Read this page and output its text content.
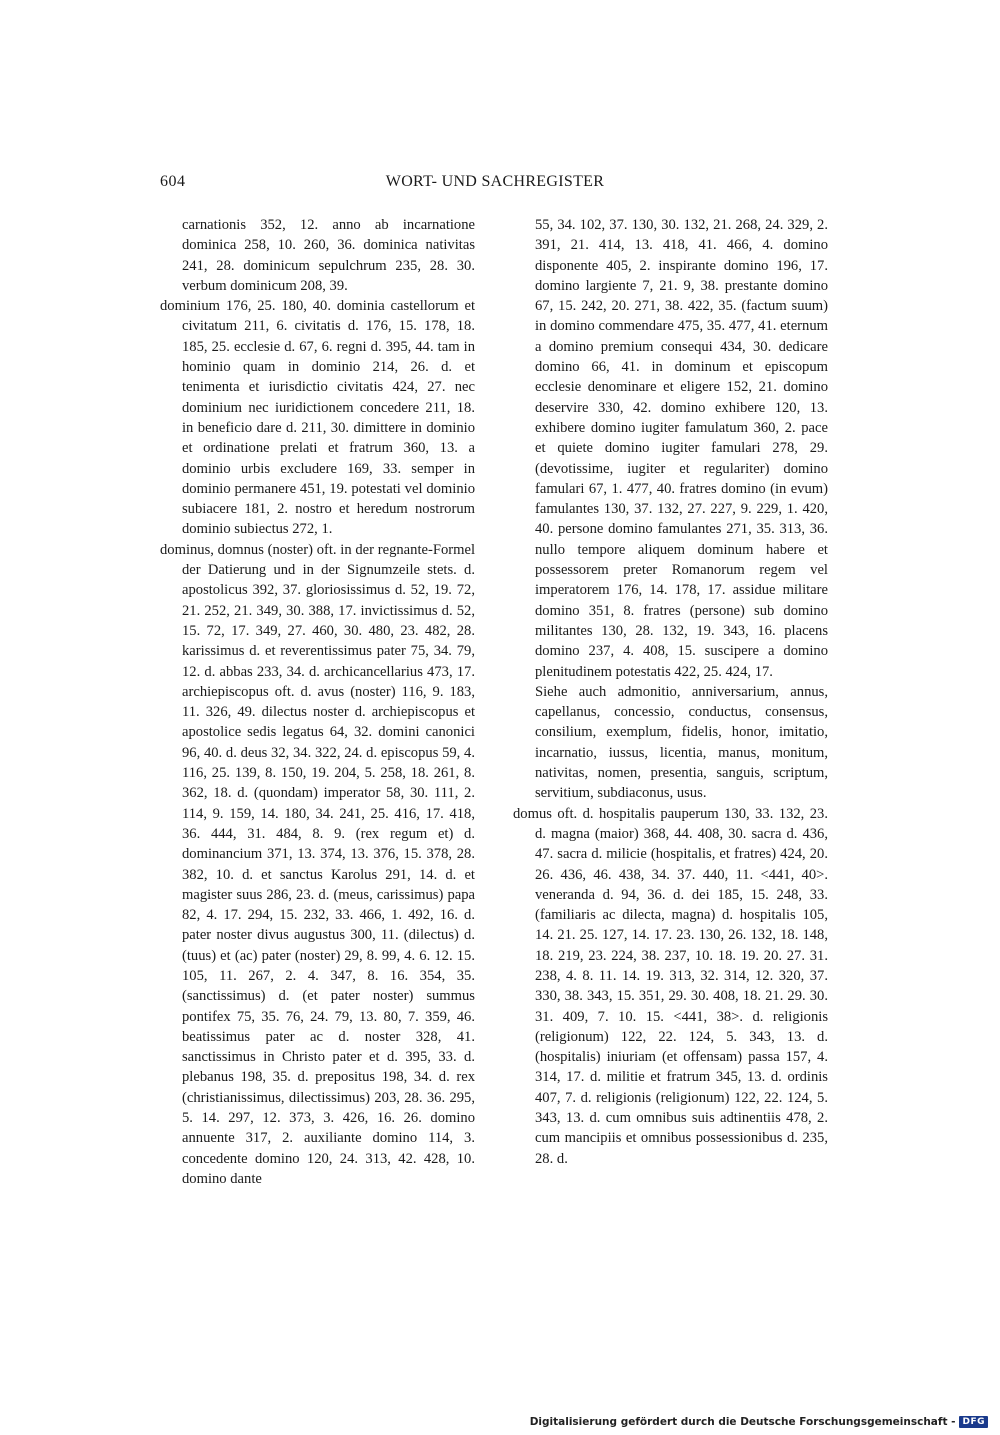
604	WORT- UND SACHREGISTER

carnationis 352, 12. anno ab incarnatione dominica 258, 10. 260, 36. dominica nativitas 241, 28. dominicum sepulchrum 235, 28. 30. verbum dominicum 208, 39.

dominium 176, 25. 180, 40. dominia castellorum et civitatum 211, 6. civitatis d. 176, 15. 178, 18. 185, 25. ecclesie d. 67, 6. regni d. 395, 44. tam in hominio quam in dominio 214, 26. d. et tenimenta et iurisdictio civitatis 424, 27. nec dominium nec iuridictionem concedere 211, 18. in beneficio dare d. 211, 30. dimittere in dominio et ordinatione prelati et fratrum 360, 13. a dominio urbis excludere 169, 33. semper in dominio permanere 451, 19. potestati vel dominio subiacere 181, 2. nostro et heredum nostrorum dominio subiectus 272, 1.

dominus, domnus (noster) oft. in der regnante-Formel der Datierung und in der Signumzeile stets. d. apostolicus 392, 37. gloriosissimus d. 52, 19. 72, 21. 252, 21. 349, 30. 388, 17. invictissimus d. 52, 15. 72, 17. 349, 27. 460, 30. 480, 23. 482, 28. karissimus d. et reverentissimus pater 75, 34. 79, 12. d. abbas 233, 34. d. archicancellarius 473, 17. archiepiscopus oft. d. avus (noster) 116, 9. 183, 11. 326, 49. dilectus noster d. archiepiscopus et apostolice sedis legatus 64, 32. domini canonici 96, 40. d. deus 32, 34. 322, 24. d. episcopus 59, 4. 116, 25. 139, 8. 150, 19. 204, 5. 258, 18. 261, 8. 362, 18. d. (quondam) imperator 58, 30. 111, 2. 114, 9. 159, 14. 180, 34. 241, 25. 416, 17. 418, 36. 444, 31. 484, 8. 9. (rex regum et) d. dominancium 371, 13. 374, 13. 376, 15. 378, 28. 382, 10. d. et sanctus Karolus 291, 14. d. et magister suus 286, 23. d. (meus, carissimus) papa 82, 4. 17. 294, 15. 232, 33. 466, 1. 492, 16. d. pater noster divus augustus 300, 11. (dilectus) d. (tuus) et (ac) pater (noster) 29, 8. 99, 4. 6. 12. 15. 105, 11. 267, 2. 4. 347, 8. 16. 354, 35. (sanctissimus) d. (et pater noster) summus pontifex 75, 35. 76, 24. 79, 13. 80, 7. 359, 46. beatissimus pater ac d. noster 328, 41. sanctissimus in Christo pater et d. 395, 33. d. plebanus 198, 35. d. prepositus 198, 34. d. rex (christianissimus, dilectissimus) 203, 28. 36. 295, 5. 14. 297, 12. 373, 3. 426, 16. 26. domino annuente 317, 2. auxiliante domino 114, 3. concedente domino 120, 24. 313, 42. 428, 10. domino dante

55, 34. 102, 37. 130, 30. 132, 21. 268, 24. 329, 2. 391, 21. 414, 13. 418, 41. 466, 4. domino disponente 405, 2. inspirante domino 196, 17. domino largiente 7, 21. 9, 38. prestante domino 67, 15. 242, 20. 271, 38. 422, 35. (factum suum) in domino commendare 475, 35. 477, 41. eternum a domino premium consequi 434, 30. dedicare domino 66, 41. in dominum et episcopum ecclesie denominare et eligere 152, 21. domino deservire 330, 42. domino exhibere 120, 13. exhibere domino iugiter famulatum 360, 2. pace et quiete domino iugiter famulari 278, 29. (devotissime, iugiter et regulariter) domino famulari 67, 1. 477, 40. fratres domino (in evum) famulantes 130, 37. 132, 27. 227, 9. 229, 1. 420, 40. persone domino famulantes 271, 35. 313, 36. nullo tempore aliquem dominum habere et possessorem preter Romanorum regem vel imperatorem 176, 14. 178, 17. assidue militare domino 351, 8. fratres (persone) sub domino militantes 130, 28. 132, 19. 343, 16. placens domino 237, 4. 408, 15. suscipere a domino plenitudinem potestatis 422, 25. 424, 17.

Siehe auch admonitio, anniversarium, annus, capellanus, concessio, conductus, consensus, consilium, exemplum, fidelis, honor, imitatio, incarnatio, iussus, licentia, manus, monitum, nativitas, nomen, presentia, sanguis, scriptum, servitium, subdiaconus, usus.

domus oft. d. hospitalis pauperum 130, 33. 132, 23. d. magna (maior) 368, 44. 408, 30. sacra d. 436, 47. sacra d. milicie (hospitalis, et fratres) 424, 20. 26. 436, 46. 438, 34. 37. 440, 11. <441, 40>. veneranda d. 94, 36. d. dei 185, 15. 248, 33. (familiaris ac dilecta, magna) d. hospitalis 105, 14. 21. 25. 127, 14. 17. 23. 130, 26. 132, 18. 148, 18. 219, 23. 224, 38. 237, 10. 18. 19. 20. 27. 31. 238, 4. 8. 11. 14. 19. 313, 32. 314, 12. 320, 37. 330, 38. 343, 15. 351, 29. 30. 408, 18. 21. 29. 30. 31. 409, 7. 10. 15. <441, 38>. d. religionis (religionum) 122, 22. 124, 5. 343, 13. d. (hospitalis) iniuriam (et offensam) passa 157, 4. 314, 17. d. militie et fratrum 345, 13. d. ordinis 407, 7. d. religionis (religionum) 122, 22. 124, 5. 343, 13. d. cum omnibus suis adtinentiis 478, 2. cum mancipiis et omnibus possessionibus d. 235, 28. d.

Digitalisierung gefördert durch die Deutsche Forschungsgemeinschaft - DFG
